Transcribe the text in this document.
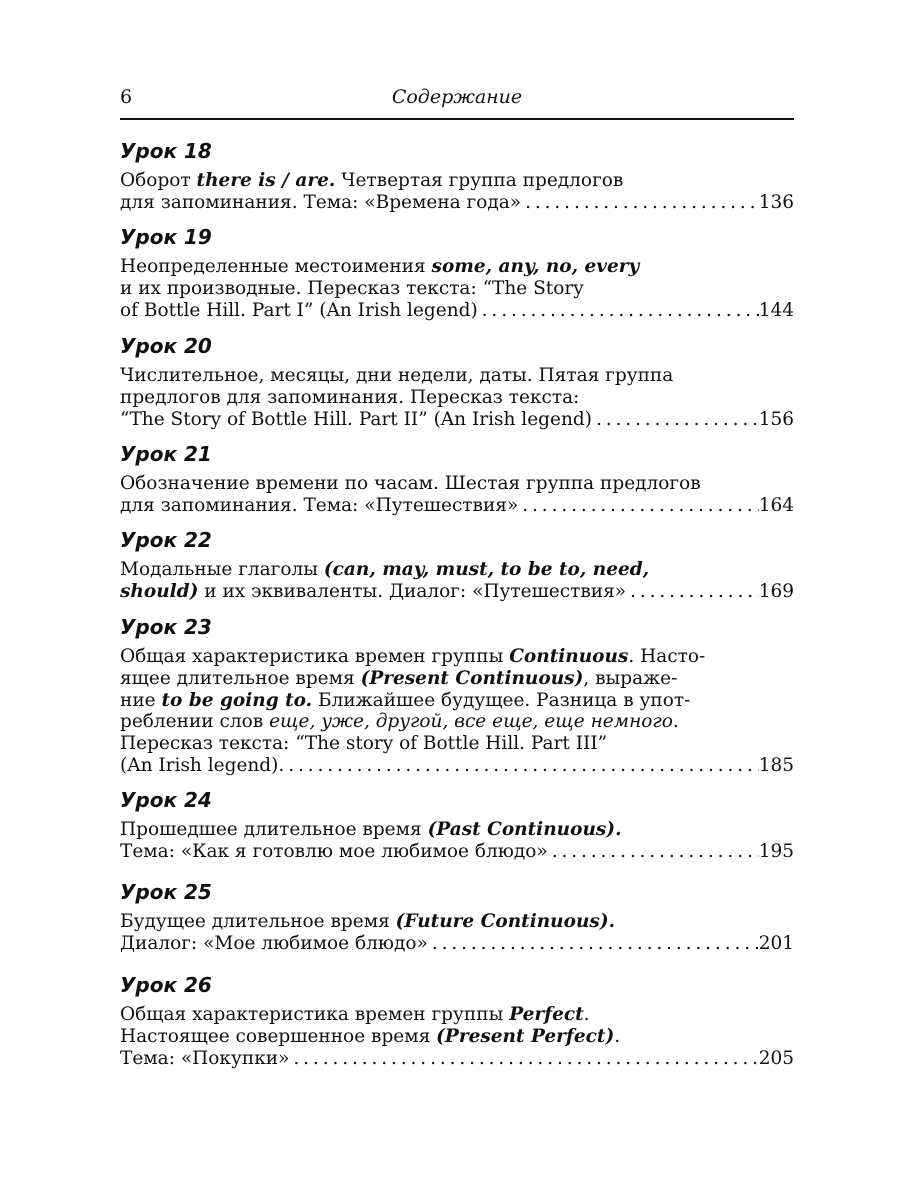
6	Содержание
Урок 18
Оборот there is / are. Четвертая группа предлогов
для запоминания. Тема: «Времена года» . . .	136
Урок 19
Неопределенные местоимения some, any, no, every
и их производные. Пересказ текста: “The Story
of Bottle Hill. Part I” (An Irish legend) . . .	144
Урок 20
Числительное, месяцы, дни недели, даты. Пятая группа
предлогов для запоминания. Пересказ текста:
“The Story of Bottle Hill. Part II” (An Irish legend) . . .	156
Урок 21
Обозначение времени по часам. Шестая группа предлогов
для запоминания. Тема: «Путешествия» . . .	164
Урок 22
Модальные глаголы (can, may, must, to be to, need,
should) и их эквиваленты. Диалог: «Путешествия» . . .	169
Урок 23
Общая характеристика времен группы Continuous. Насто-
ящее длительное время (Present Continuous), выраже-
ние to be going to. Ближайшее будущее. Разница в упот-
реблении слов еще, уже, другой, все еще, еще немного.
Пересказ текста: “The story of Bottle Hill. Part III”
(An Irish legend). . . .	185
Урок 24
Прошедшее длительное время (Past Continuous).
Тема: «Как я готовлю мое любимое блюдо» . . .	195
Урок 25
Будущее длительное время (Future Continuous).
Диалог: «Мое любимое блюдо» . . .	201
Урок 26
Общая характеристика времен группы Perfect.
Настоящее совершенное время (Present Perfect).
Тема: «Покупки» . . .	205
